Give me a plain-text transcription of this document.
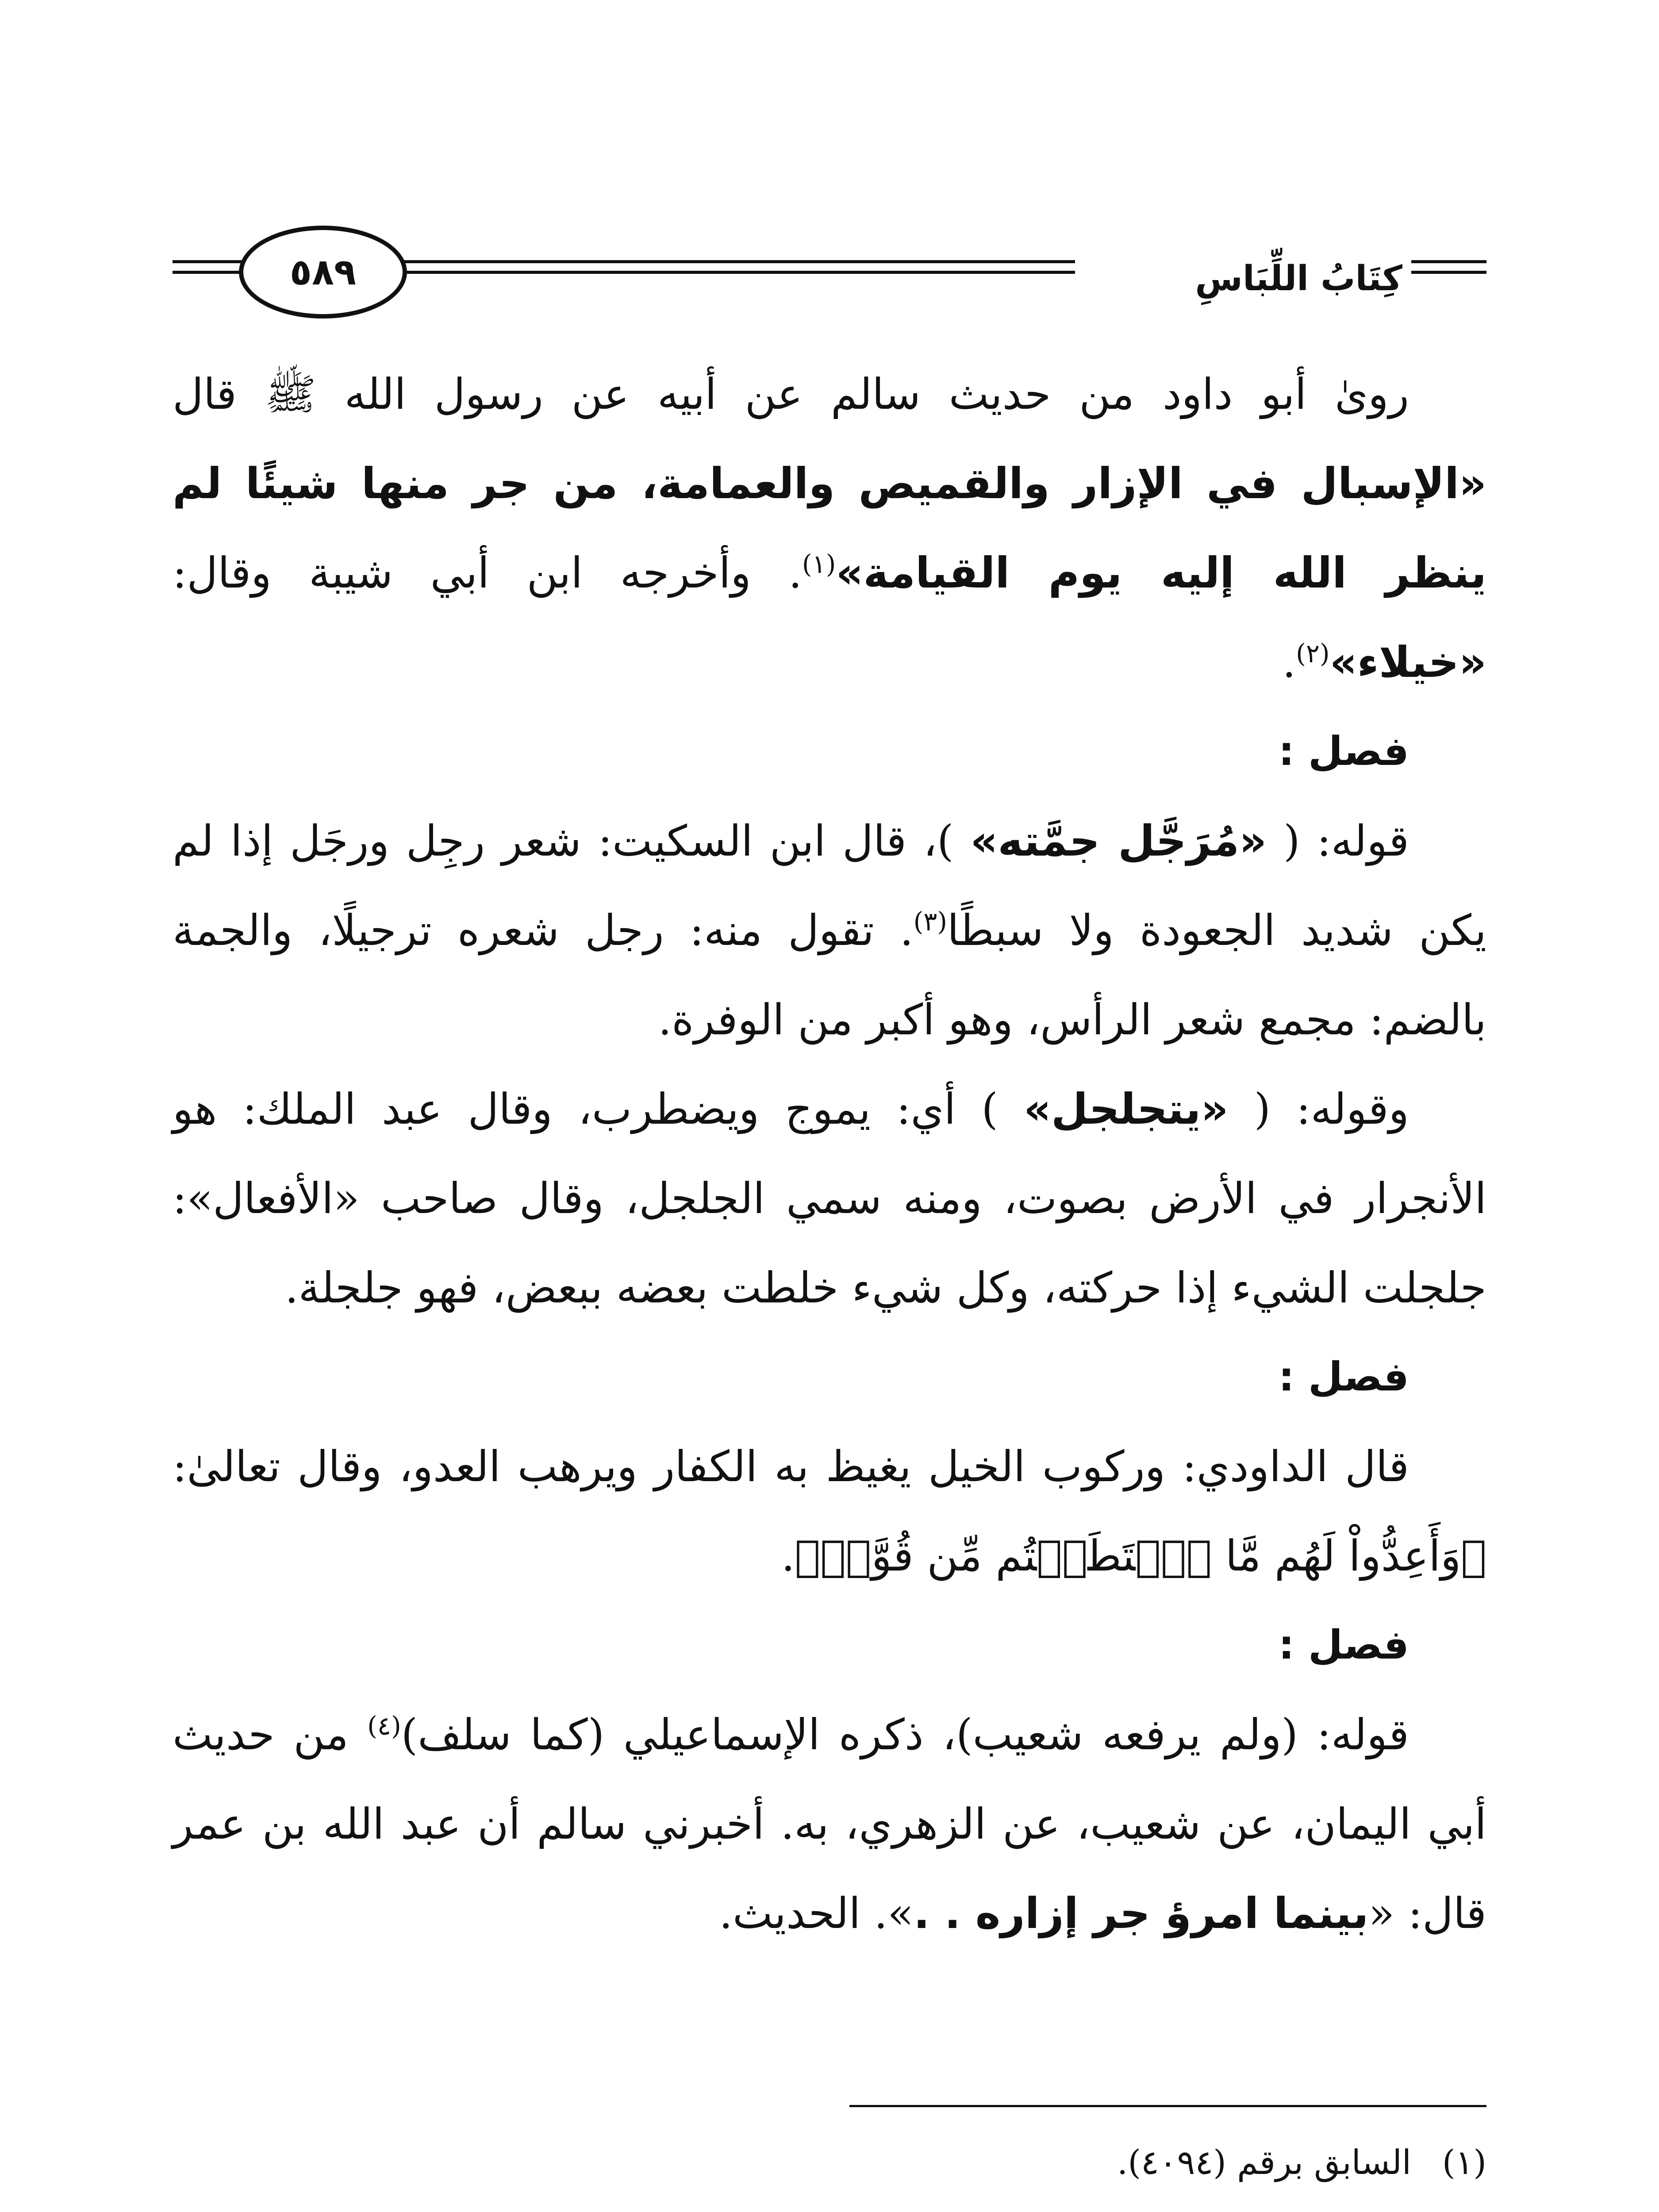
٥٨٩	كِتَابُ اللِّبَاسِ

روىٰ أبو داود من حديث سالم عن أبيه عن رسول الله ﷺ قال «الإسبال في الإزار والقميص والعمامة، من جر منها شيئًا لم ينظر الله إليه يوم القيامة»$^{(١)}$. وأخرجه ابن أبي شيبة وقال: «خيلاء»$^{(٢)}$.

فصل :

قوله: ( «مُرَجَّل جمَّته» )، قال ابن السكيت: شعر رجِل ورجَل إذا لم يكن شديد الجعودة ولا سبطًا$^{(٣)}$. تقول منه: رجل شعره ترجيلًا، والجمة بالضم: مجمع شعر الرأس، وهو أكبر من الوفرة.

وقوله: ( «يتجلجل» ) أي: يموج ويضطرب، وقال عبد الملك: هو الأنجرار في الأرض بصوت، ومنه سمي الجلجل، وقال صاحب «الأفعال»: جلجلت الشيء إذا حركته، وكل شيء خلطت بعضه ببعض، فهو جلجلة.

فصل :

قال الداودي: وركوب الخيل يغيظ به الكفار ويرهب العدو، وقال تعالىٰ: ﴿وَأَعِدُّواْ لَهُم مَّا ٱسۡتَطَعۡتُم مِّن قُوَّةٖ﴾.

فصل :

قوله: (ولم يرفعه شعيب)، ذكره الإسماعيلي (كما سلف)$^{(٤)}$ من حديث أبي اليمان، عن شعيب، عن الزهري، به. أخبرني سالم أن عبد الله بن عمر قال: «بينما امرؤ جر إزاره . .». الحديث.

(١)
السابق برقم (٤٠٩٤).
